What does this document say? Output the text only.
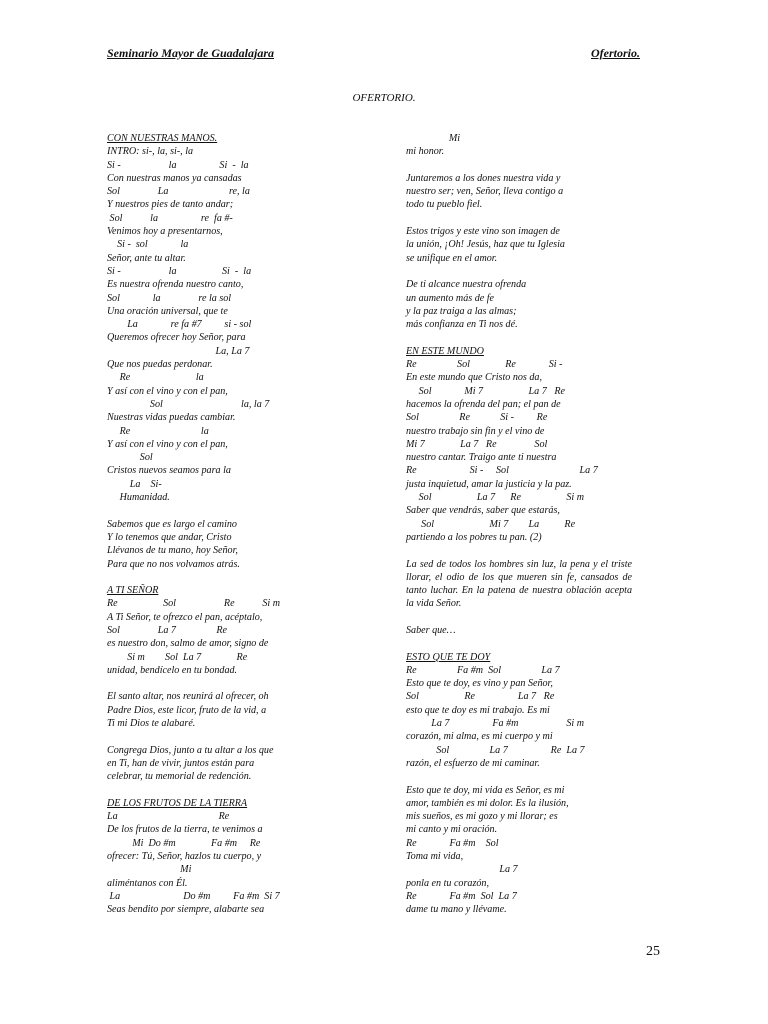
Seminario Mayor de Guadalajara	Ofertorio.
OFERTORIO.
CON NUESTRAS MANOS.
INTRO: si-, la, si-, la
Si -                   la                 Si  -  la
Con nuestras manos ya cansadas
Sol               La                        re, la
Y nuestros pies de tanto andar;
Sol           la                 re  fa #-
Venimos hoy a presentarnos,
Si -  sol             la
Señor, ante tu altar.
Si -                   la                  Si  -  la
Es nuestra ofrenda nuestro canto,
Sol             la               re la sol
Una oración universal, que te
La             re fa #7         si - sol
Queremos ofrecer hoy Señor, para
La, La 7
Que nos puedas perdonar.
Re                          la
Y así con el vino y con el pan,
Sol                               la, la 7
Nuestras vidas puedas cambiar.
Re                            la
Y así con el vino y con el pan,
Sol
Cristos nuevos seamos para la
La    Si-
Humanidad.
Sabemos que es largo el camino
Y lo tenemos que andar, Cristo
Llévanos de tu mano, hoy Señor,
Para que no nos volvamos atrás.
A TI SEÑOR
Re                  Sol                   Re           Si m
A Ti Señor, te ofrezco el pan, acéptalo,
Sol               La 7                Re
es nuestro don, salmo de amor, signo de
Si m        Sol  La 7              Re
unidad, bendícelo en tu bondad.
El santo altar, nos reunirá al ofrecer, oh
Padre Dios, este licor, fruto de la vid, a
Ti mi Dios te alabaré.
Congrega Dios, junto a tu altar a los que
en Ti, han de vivir, juntos están para
celebrar, tu memorial de redención.
DE LOS FRUTOS DE LA TIERRA
La                                        Re
De los frutos de la tierra, te venimos a
Mi  Do #m              Fa #m     Re
ofrecer: Tú, Señor, hazlos tu cuerpo, y
Mi
aliméntanos con Él.
La                         Do #m         Fa #m  Si 7
Seas bendito por siempre, alabarte sea
Mi
mi honor.
Juntaremos a los dones nuestra vida y
nuestro ser; ven, Señor, lleva contigo a
todo tu pueblo fiel.
Estos trigos y este vino son imagen de
la unión, ¡Oh! Jesús, haz que tu Iglesia
se unifique en el amor.
De ti alcance nuestra ofrenda
un aumento más de fe
y la paz traiga a las almas;
más confianza en Ti nos dé.
EN ESTE MUNDO
Re                Sol              Re             Si -
En este mundo que Cristo nos da,
Sol             Mi 7                  La 7   Re
hacemos la ofrenda del pan; el pan de
Sol                Re            Si -         Re
nuestro trabajo sin fin y el vino de
Mi 7              La 7   Re               Sol
nuestro cantar. Traigo ante ti nuestra
Re                     Si -     Sol                            La 7
justa inquietud, amar la justicia y la paz.
Sol                  La 7      Re                  Si m
Saber que vendrás, saber que estarás,
Sol                      Mi 7        La          Re
partiendo a los pobres tu pan. (2)
La sed de todos los hombres sin luz, la pena y el triste llorar, el odio de los que mueren sin fe, cansados de tanto luchar. En la patena de nuestra oblación acepta la vida Señor.
Saber que…
ESTO QUE TE DOY
Re                Fa #m  Sol                La 7
Esto que te doy, es vino y pan Señor,
Sol                  Re                 La 7   Re
esto que te doy es mi trabajo. Es mi
La 7                 Fa #m                   Si m
corazón, mi alma, es mi cuerpo y mi
Sol                La 7                 Re  La 7
razón, el esfuerzo de mi caminar.
Esto que te doy, mi vida es Señor, es mi
amor, también es mi dolor. Es la ilusión,
mis sueños, es mi gozo y mi llorar; es
mi canto y mi oración.
Re             Fa #m    Sol
Toma mi vida,
La 7
ponla en tu corazón,
Re             Fa #m  Sol  La 7
dame tu mano y llévame.
25
